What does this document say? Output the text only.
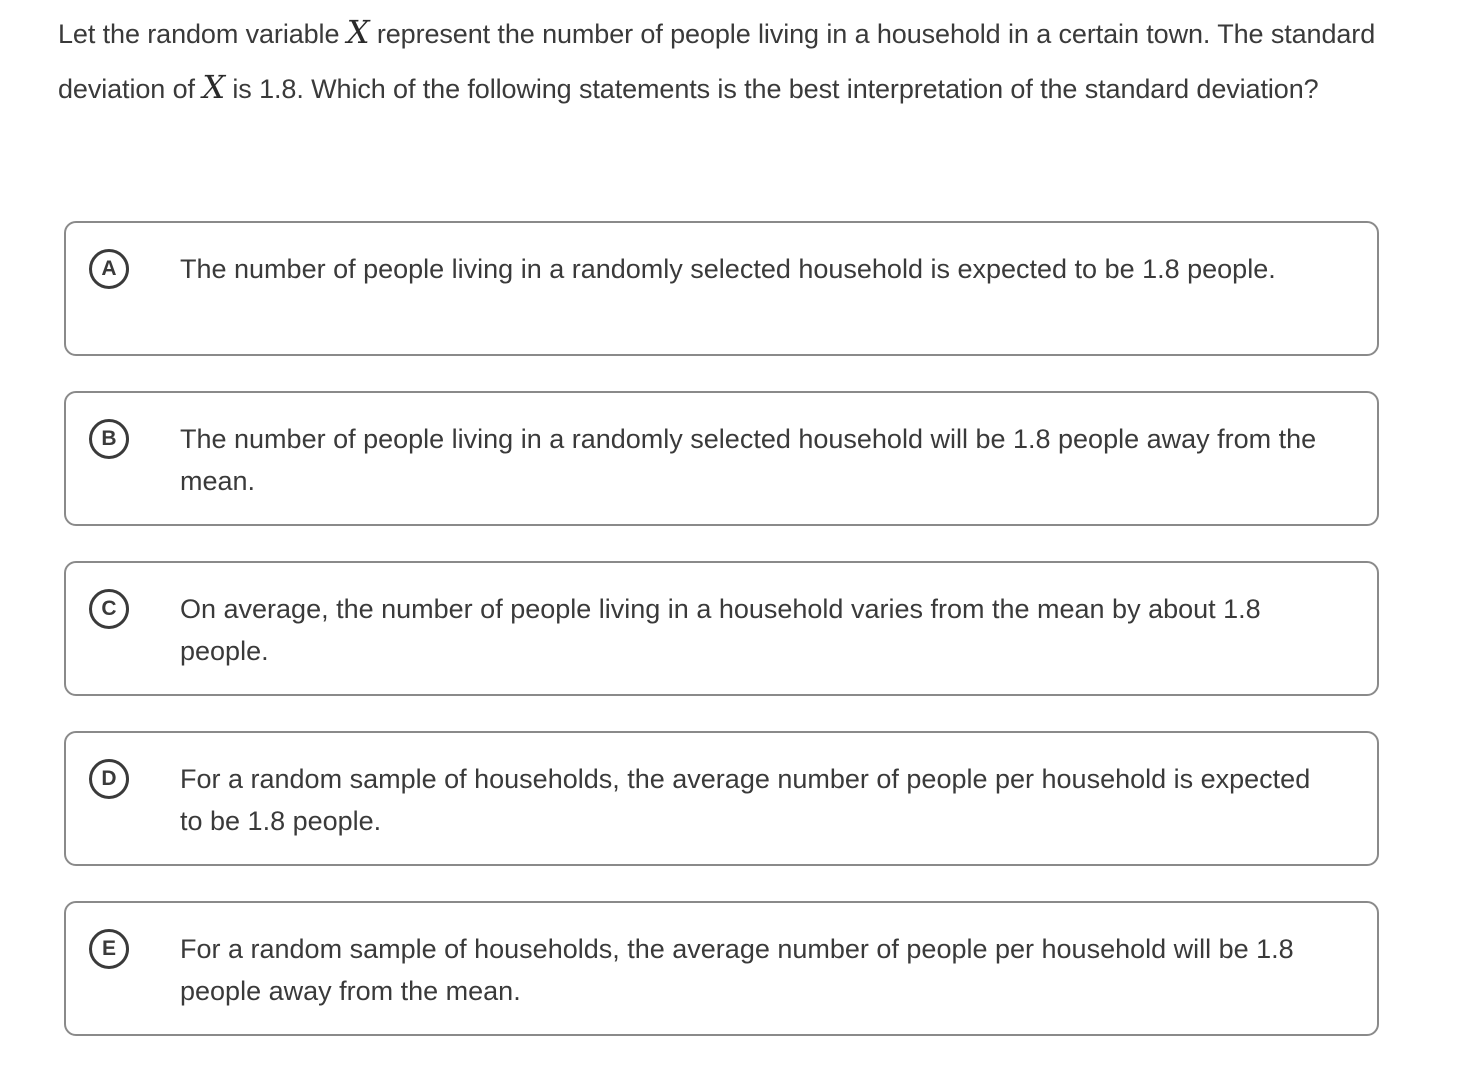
Let the random variable X represent the number of people living in a household in a certain town. The standard deviation of X is 1.8. Which of the following statements is the best interpretation of the standard deviation?
A	The number of people living in a randomly selected household is expected to be 1.8 people.
B	The number of people living in a randomly selected household will be 1.8 people away from the mean.
C	On average, the number of people living in a household varies from the mean by about 1.8 people.
D	For a random sample of households, the average number of people per household is expected to be 1.8 people.
E	For a random sample of households, the average number of people per household will be 1.8 people away from the mean.
